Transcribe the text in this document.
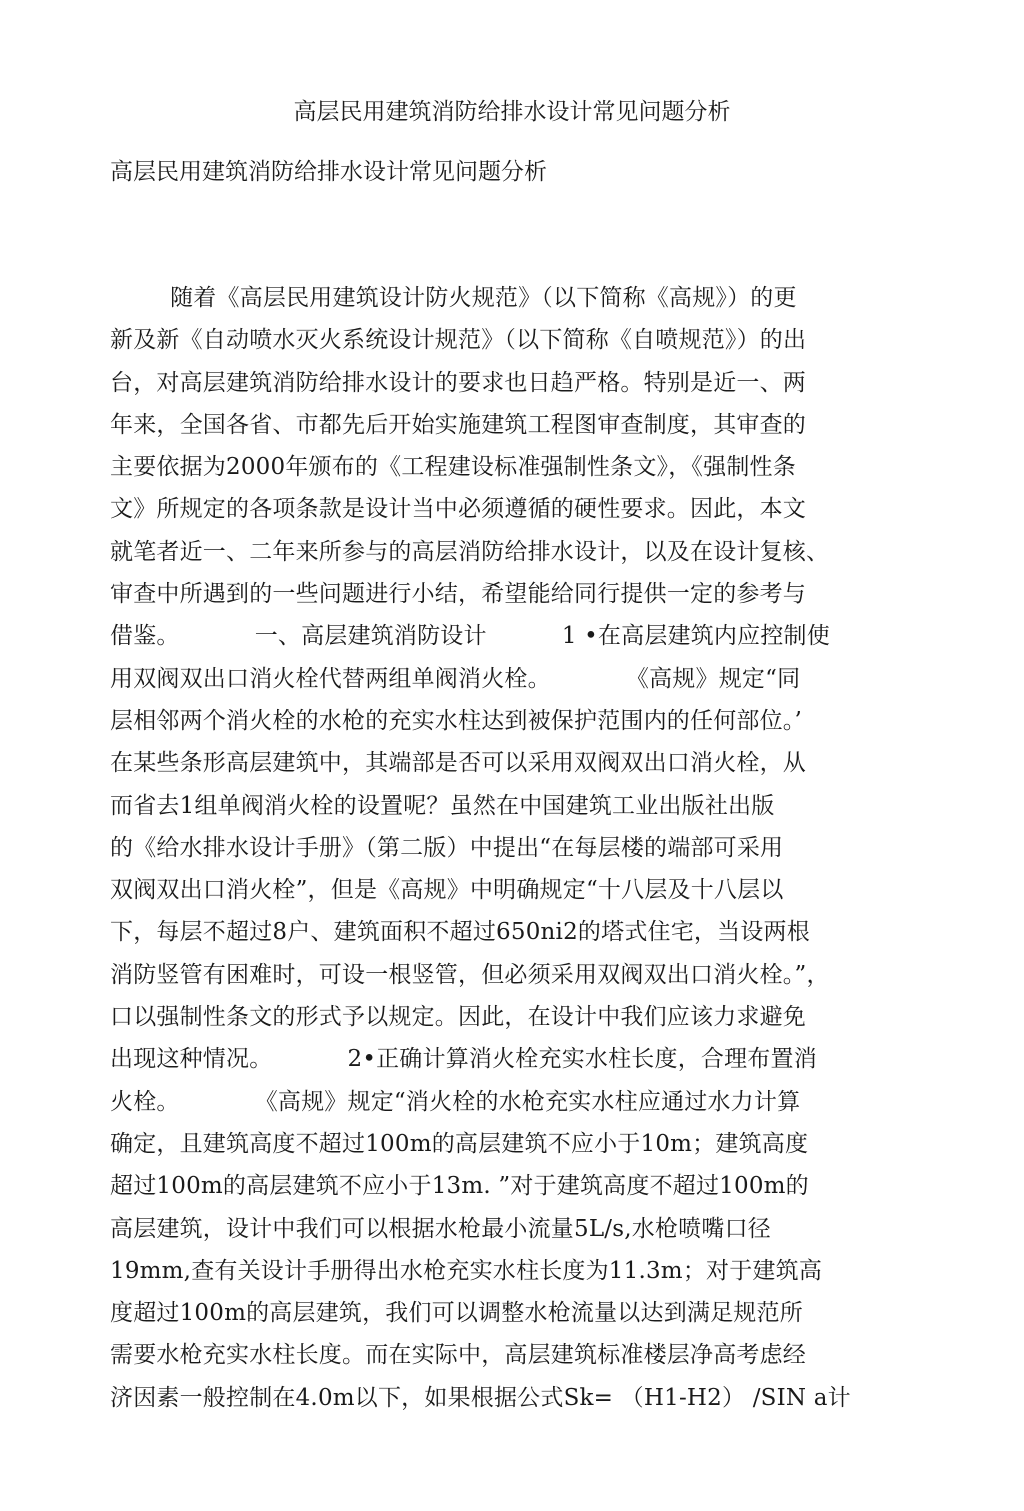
高层民用建筑消防给排水设计常见问题分析
高层民用建筑消防给排水设计常见问题分析
随着《高层民用建筑设计防火规范》（以下简称《高规》）的更
新及新《自动喷水灭火系统设计规范》（以下简称《自喷规范》）的出
台，对高层建筑消防给排水设计的要求也日趋严格。特别是近一、两
年来，全国各省、市都先后开始实施建筑工程图审查制度，其审查的
主要依据为2000年颁布的《工程建设标准强制性条文》，《强制性条
文》所规定的各项条款是设计当中必须遵循的硬性要求。因此，本文
就笔者近一、二年来所参与的高层消防给排水设计，以及在设计复核、
审查中所遇到的一些问题进行小结，希望能给同行提供一定的参考与
借鉴。          一、高层建筑消防设计          1 •在高层建筑内应控制使
用双阀双出口消火栓代替两组单阀消火栓。          《高规》规定“同
层相邻两个消火栓的水枪的充实水柱达到被保护范围内的任何部位。’
在某些条形高层建筑中，其端部是否可以采用双阀双出口消火栓，从
而省去1组单阀消火栓的设置呢？虽然在中国建筑工业出版社出版
的《给水排水设计手册》（第二版）中提出“在每层楼的端部可采用
双阀双出口消火栓”，但是《高规》中明确规定“十八层及十八层以
下，每层不超过8户、建筑面积不超过650ni2的塔式住宅，当设两根
消防竖管有困难时，可设一根竖管，但必须采用双阀双出口消火栓。”，
口以强制性条文的形式予以规定。因此，在设计中我们应该力求避免
出现这种情况。          2•正确计算消火栓充实水柱长度，合理布置消
火栓。          《高规》规定“消火栓的水枪充实水柱应通过水力计算
确定，且建筑高度不超过100m的高层建筑不应小于10m；建筑高度
超过100m的高层建筑不应小于13m. ”对于建筑高度不超过100m的
高层建筑，设计中我们可以根据水枪最小流量5L/s,水枪喷嘴口径
19mm,查有关设计手册得出水枪充实水柱长度为11.3m；对于建筑高
度超过100m的高层建筑，我们可以调整水枪流量以达到满足规范所
需要水枪充实水柱长度。而在实际中，高层建筑标准楼层净高考虑经
济因素一般控制在4.0m以下，如果根据公式Sk= （H1-H2） /SIN a计
